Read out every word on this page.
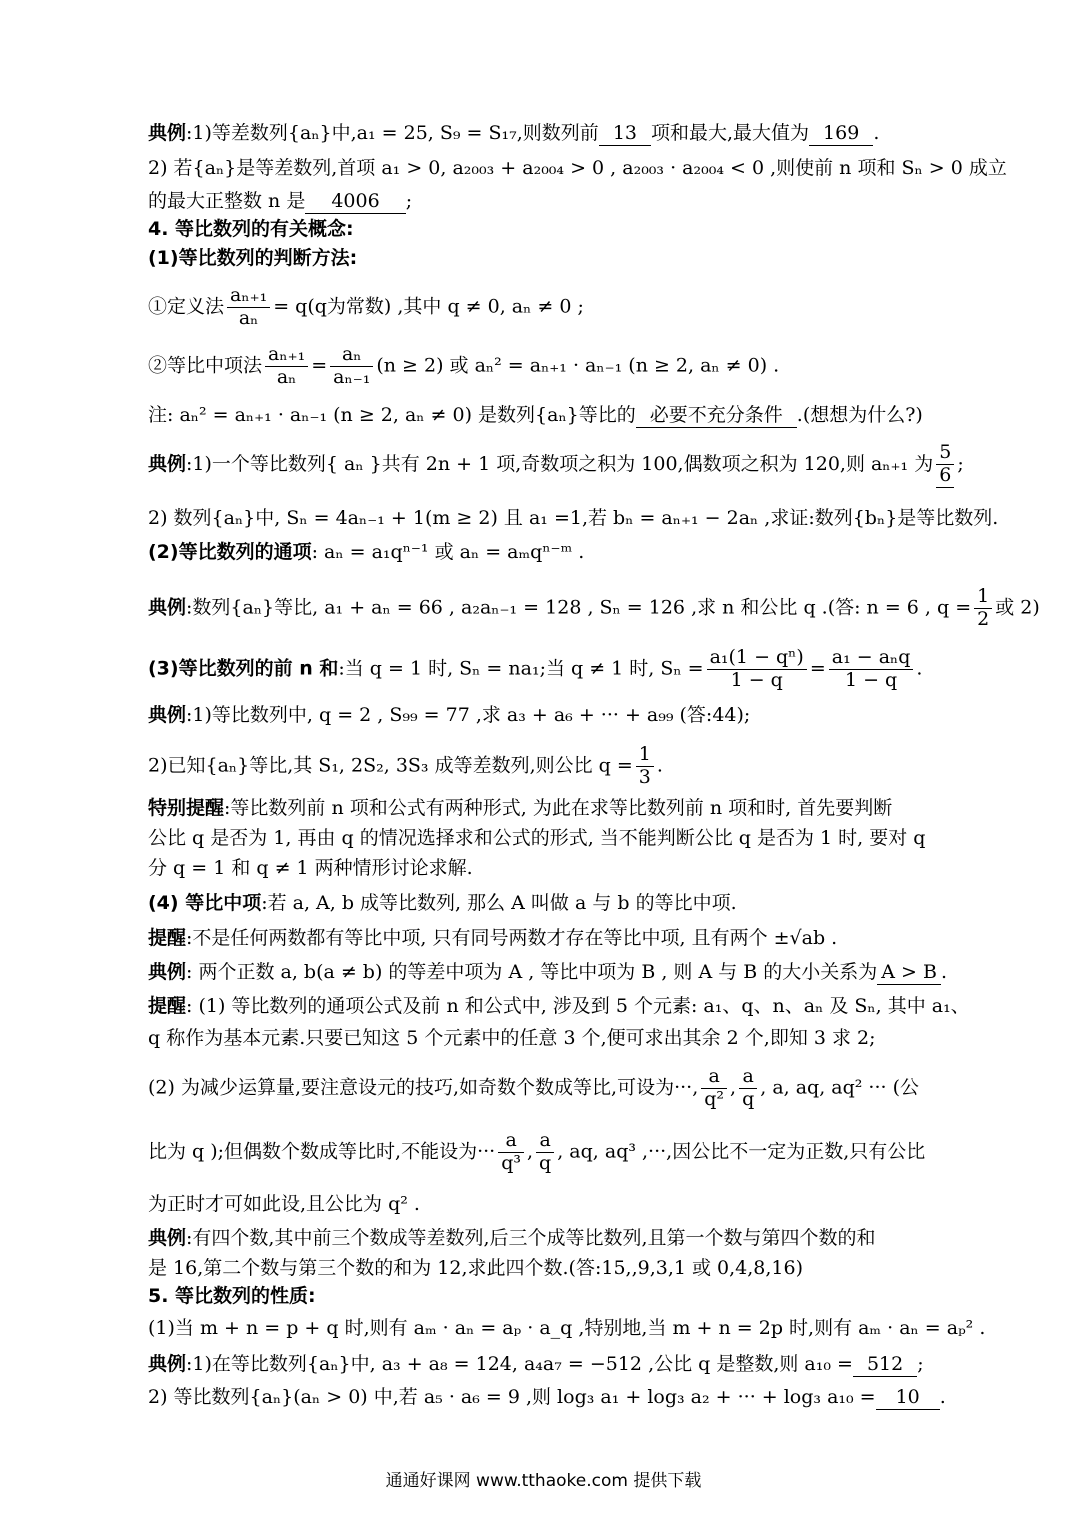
典例:1)等差数列{aₙ}中,a₁ = 25, S₉ = S₁₇,则数列前 13 项和最大,最大值为 169 .
2) 若{aₙ}是等差数列,首项 a₁ > 0, a₂₀₀₃ + a₂₀₀₄ > 0 , a₂₀₀₃ · a₂₀₀₄ < 0 ,则使前 n 项和 Sₙ > 0 成立
的最大正整数 n 是 4006 ;
4. 等比数列的有关概念:
(1)等比数列的判断方法:
①定义法 $\frac{\text{aₙ₊₁}}{\text{aₙ}} = q(q$为常数) ,其中 q ≠ 0, aₙ ≠ 0 ;
②等比中项法 $\frac{\text{aₙ₊₁}}{\text{aₙ}} = \frac{\text{aₙ}}{\text{aₙ₋₁}} (n \ge 2)$ 或 aₙ² = aₙ₊₁ · aₙ₋₁ (n ≥ 2, aₙ ≠ 0) .
注: aₙ² = aₙ₊₁ · aₙ₋₁ (n ≥ 2, aₙ ≠ 0) 是数列{aₙ}等比的 必要不充分条件 .(想想为什么?)
典例:1)一个等比数列{ aₙ }共有 2n + 1 项,奇数项之积为 100,偶数项之积为 120,则 aₙ₊₁ 为 $\frac{5}{6}$ ;
2) 数列{aₙ}中, Sₙ = 4aₙ₋₁ + 1(m ≥ 2) 且 a₁ =1,若 bₙ = aₙ₊₁ − 2aₙ ,求证:数列{bₙ}是等比数列.
(2)等比数列的通项: aₙ = a₁qⁿ⁻¹ 或 aₙ = aₘqⁿ⁻ᵐ .
典例:数列{aₙ}等比, a₁ + aₙ = 66 , a₂aₙ₋₁ = 128 , Sₙ = 126 ,求 n 和公比 q .(答: n = 6 , $q = \frac{1}{2}$ 或 2)
(3)等比数列的前 n 和:当 q = 1 时, Sₙ = na₁;当 q ≠ 1 时, $S_n = \frac{\text{a₁(1 − qⁿ)}}{1 - q} = \frac{\text{a₁ − aₙq}}{1 - q}$ .
典例:1)等比数列中, q = 2 , S₉₉ = 77 ,求 a₃ + a₆ + ··· + a₉₉ (答:44);
2)已知{aₙ}等比,其 S₁, 2S₂, 3S₃ 成等差数列,则公比 $q = \frac{1}{3}$ .
特别提醒:等比数列前 n 项和公式有两种形式, 为此在求等比数列前 n 项和时, 首先要判断
公比 q 是否为 1, 再由 q 的情况选择求和公式的形式, 当不能判断公比 q 是否为 1 时, 要对 q
分 q = 1 和 q ≠ 1 两种情形讨论求解.
(4) 等比中项:若 a, A, b 成等比数列, 那么 A 叫做 a 与 b 的等比中项.
提醒:不是任何两数都有等比中项, 只有同号两数才存在等比中项, 且有两个 ±√ab .
典例: 两个正数 a, b(a ≠ b) 的等差中项为 A , 等比中项为 B , 则 A 与 B 的大小关系为 A > B .
提醒: (1) 等比数列的通项公式及前 n 和公式中, 涉及到 5 个元素: a₁、q、n、aₙ 及 Sₙ, 其中 a₁、
q 称作为基本元素.只要已知这 5 个元素中的任意 3 个,便可求出其余 2 个,即知 3 求 2;
(2) 为减少运算量,要注意设元的技巧,如奇数个数成等比,可设为···, $\frac{a}{\text{q²}}$ , $\frac{a}{q}$ , a, aq, aq² ··· (公
比为 q );但偶数个数成等比时,不能设为··· $\frac{a}{\text{q³}}$ , $\frac{a}{q}$ , aq, aq³ ,···,因公比不一定为正数,只有公比
为正时才可如此设,且公比为 q² .
典例:有四个数,其中前三个数成等差数列,后三个成等比数列,且第一个数与第四个数的和
是 16,第二个数与第三个数的和为 12,求此四个数.(答:15,,9,3,1 或 0,4,8,16)
5. 等比数列的性质:
(1)当 m + n = p + q 时,则有 aₘ · aₙ = aₚ · a_q ,特别地,当 m + n = 2p 时,则有 aₘ · aₙ = aₚ² .
典例:1)在等比数列{aₙ}中, a₃ + a₈ = 124, a₄a₇ = −512 ,公比 q 是整数,则 a₁₀ = 512 ;
2) 等比数列{aₙ}(aₙ > 0) 中,若 a₅ · a₆ = 9 ,则 log₃ a₁ + log₃ a₂ + ··· + log₃ a₁₀ = 10 .
通通好课网 www.tthaoke.com 提供下载
